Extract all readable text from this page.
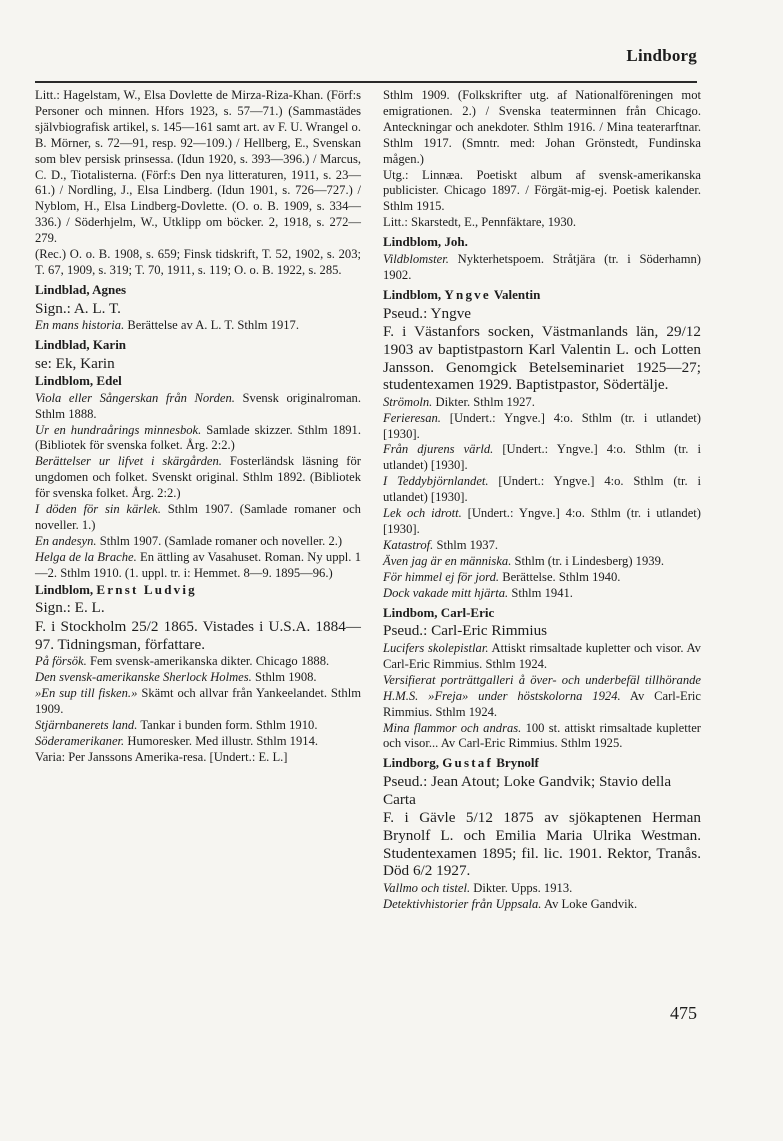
Lindborg

Litt.: Hagelstam, W., Elsa Dovlette de Mirza-Riza-Khan. (Förf:s Personer och minnen. Hfors 1923, s. 57—71.) (Sammastädes självbiografisk artikel, s. 145—161 samt art. av F. U. Wrangel o. B. Mörner, s. 72—91, resp. 92—109.) / Hellberg, E., Svenskan som blev persisk prinsessa. (Idun 1920, s. 393—396.) / Marcus, C. D., Tiotalisterna. (Förf:s Den nya litteraturen, 1911, s. 23—61.) / Nordling, J., Elsa Lindberg. (Idun 1901, s. 726—727.) / Nyblom, H., Elsa Lindberg-Dovlette. (O. o. B. 1909, s. 334—336.) / Söderhjelm, W., Utklipp om böcker. 2, 1918, s. 272—279.

(Rec.) O. o. B. 1908, s. 659; Finsk tidskrift, T. 52, 1902, s. 203; T. 67, 1909, s. 319; T. 70, 1911, s. 119; O. o. B. 1922, s. 285.

Lindblad, Agnes
Sign.: A. L. T.

En mans historia. Berättelse av A. L. T. Sthlm 1917.

Lindblad, Karin
se: Ek, Karin
Lindblom, Edel

Viola eller Sångerskan från Norden. Svensk originalroman. Sthlm 1888.

Ur en hundraårings minnesbok. Samlade skizzer. Sthlm 1891. (Bibliotek för svenska folket. Årg. 2:2.)

Berättelser ur lifvet i skärgården. Fosterländsk läsning för ungdomen och folket. Svenskt original. Sthlm 1892. (Bibliotek för svenska folket. Årg. 2:2.)

I döden för sin kärlek. Sthlm 1907. (Samlade romaner och noveller. 1.)

En andesyn. Sthlm 1907. (Samlade romaner och noveller. 2.)

Helga de la Brache. En ättling av Vasahuset. Roman. Ny uppl. 1—2. Sthlm 1910. (1. uppl. tr. i: Hemmet. 8—9. 1895—96.)

Lindblom, Ernst Ludvig
Sign.: E. L.

F. i Stockholm 25/2 1865. Vistades i U.S.A. 1884—97. Tidningsman, författare.

På försök. Fem svensk-amerikanska dikter. Chicago 1888.

Den svensk-amerikanske Sherlock Holmes. Sthlm 1908.

»En sup till fisken.» Skämt och allvar från Yankeelandet. Sthlm 1909.

Stjärnbanerets land. Tankar i bunden form. Sthlm 1910.

Söderamerikaner. Humoresker. Med illustr. Sthlm 1914.

Varia: Per Janssons Amerika-resa. [Undert.: E. L.]

Sthlm 1909. (Folkskrifter utg. af Nationalföreningen mot emigrationen. 2.) / Svenska teaterminnen från Chicago. Anteckningar och anekdoter. Sthlm 1916. / Mina teaterarftnar. Sthlm 1917. (Smntr. med: Johan Grönstedt, Fundinska mågen.)

Utg.: Linnæa. Poetiskt album af svensk-amerikanska publicister. Chicago 1897. / Förgät-mig-ej. Poetisk kalender. Sthlm 1915.

Litt.: Skarstedt, E., Pennfäktare, 1930.

Lindblom, Joh.

Vildblomster. Nykterhetspoem. Stråtjära (tr. i Söderhamn) 1902.

Lindblom, Yngve Valentin
Pseud.: Yngve

F. i Västanfors socken, Västmanlands län, 29/12 1903 av baptistpastorn Karl Valentin L. och Lotten Jansson. Genomgick Betelseminariet 1925—27; studentexamen 1929. Baptistpastor, Södertälje.

Strömoln. Dikter. Sthlm 1927.

Ferieresan. [Undert.: Yngve.] 4:o. Sthlm (tr. i utlandet) [1930].

Från djurens värld. [Undert.: Yngve.] 4:o. Sthlm (tr. i utlandet) [1930].

I Teddybjörnlandet. [Undert.: Yngve.] 4:o. Sthlm (tr. i utlandet) [1930].

Lek och idrott. [Undert.: Yngve.] 4:o. Sthlm (tr. i utlandet) [1930].

Katastrof. Sthlm 1937.

Även jag är en människa. Sthlm (tr. i Lindesberg) 1939.

För himmel ej för jord. Berättelse. Sthlm 1940.

Dock vakade mitt hjärta. Sthlm 1941.

Lindbom, Carl-Eric
Pseud.: Carl-Eric Rimmius

Lucifers skolepistlar. Attiskt rimsaltade kupletter och visor. Av Carl-Eric Rimmius. Sthlm 1924.

Versifierat porträttgalleri å över- och underbefäl tillhörande H.M.S. »Freja» under höstskolorna 1924. Av Carl-Eric Rimmius. Sthlm 1924.

Mina flammor och andras. 100 st. attiskt rimsaltade kupletter och visor... Av Carl-Eric Rimmius. Sthlm 1925.

Lindborg, Gustaf Brynolf
Pseud.: Jean Atout; Loke Gandvik; Stavio della Carta

F. i Gävle 5/12 1875 av sjökaptenen Herman Brynolf L. och Emilia Maria Ulrika Westman. Studentexamen 1895; fil. lic. 1901. Rektor, Tranås. Död 6/2 1927.

Vallmo och tistel. Dikter. Upps. 1913.

Detektivhistorier från Uppsala. Av Loke Gandvik.

475
